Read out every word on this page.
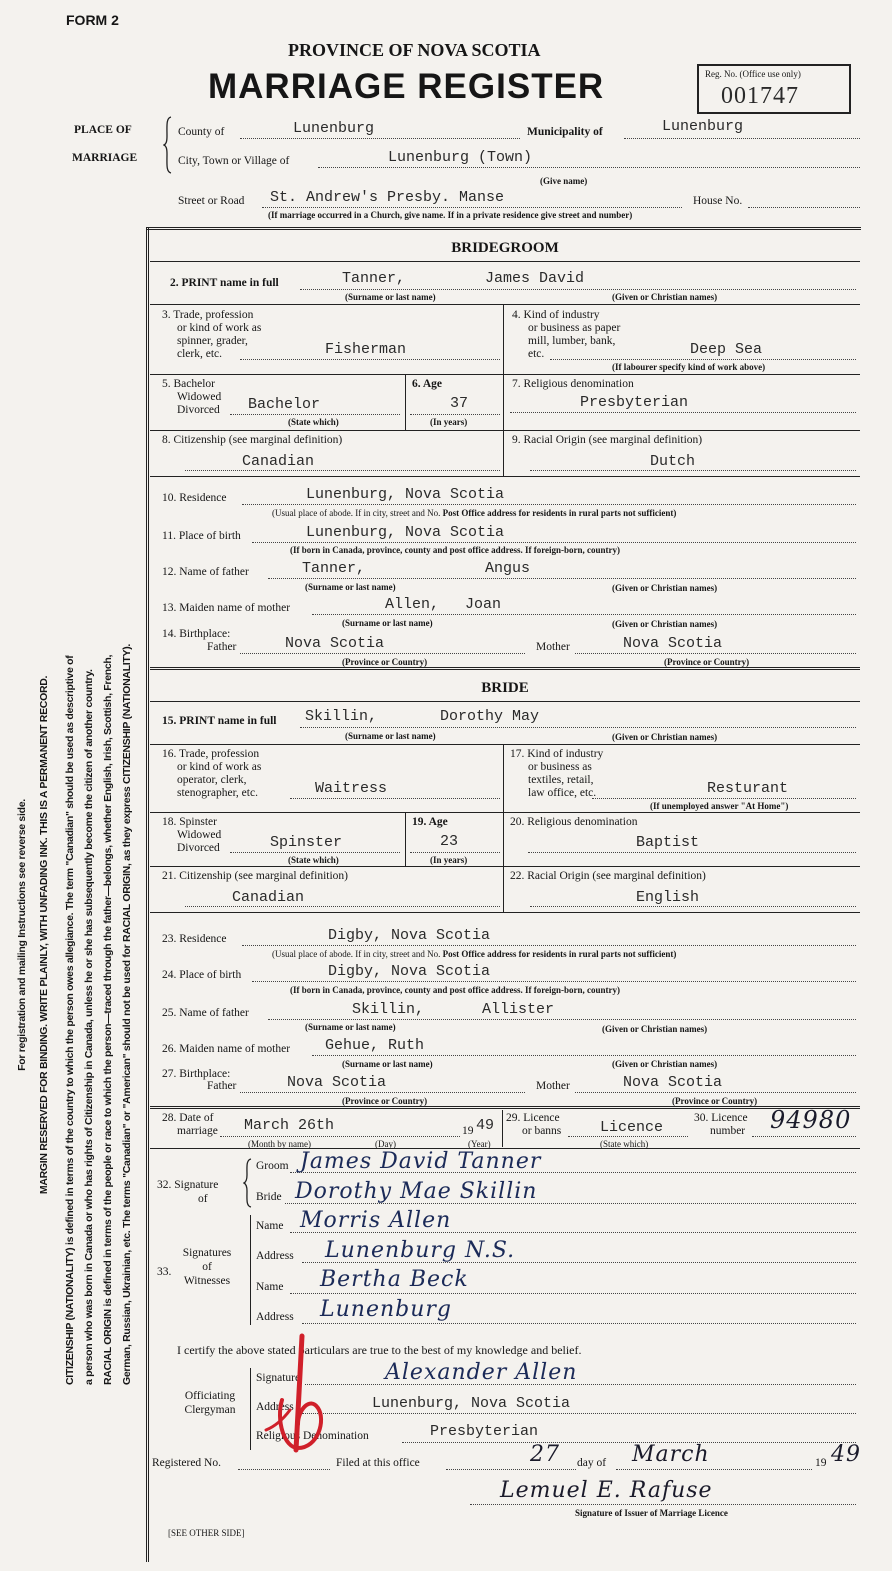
FORM 2
PROVINCE OF NOVA SCOTIA
MARRIAGE REGISTER	Reg. No. (Office use only)
001747
PLACE OF
MARRIAGE
County of	Lunenburg	Municipality of	Lunenburg
City, Town or Village of	Lunenburg (Town)
(Give name)
Street or Road St. Andrew's Presby. Manse	House No.
(If marriage occurred in a Church, give name. If in a private residence give street and number)
BRIDEGROOM
2. PRINT name in full	Tanner,	James David
(Surname or last name)	(Given or Christian names)
3. Trade, profession
or kind of work as
spinner, grader,
clerk, etc.	Fisherman
4. Kind of industry
or business as paper
mill, lumber, bank,
etc.	Deep Sea
(If labourer specify kind of work above)
5. Bachelor
Widowed
Divorced Bachelor
(State which)
6. Age
37
(In years)
7. Religious denomination
Presbyterian
8. Citizenship (see marginal definition)
Canadian
9. Racial Origin (see marginal definition)
Dutch
10. Residence	Lunenburg, Nova Scotia
(Usual place of abode. If in city, street and No. Post Office address for residents in rural parts not sufficient)
11. Place of birth	Lunenburg, Nova Scotia
(If born in Canada, province, county and post office address. If foreign-born, country)
12. Name of father	Tanner,	Angus
(Surname or last name)	(Given or Christian names)
13. Maiden name of mother	Allen, Joan
(Surname or last name)	(Given or Christian names)
14. Birthplace:
Father	Nova Scotia	Mother	Nova Scotia
(Province or Country)	(Province or Country)
BRIDE
15. PRINT name in full Skillin,	Dorothy May
(Surname or last name)	(Given or Christian names)
16. Trade, profession
or kind of work as
operator, clerk,
stenographer, etc.	Waitress
17. Kind of industry
or business as
textiles, retail,
law office, etc.	Resturant
(If unemployed answer "At Home")
18. Spinster
Widowed
Divorced	Spinster
(State which)
19. Age
23
(In years)
20. Religious denomination
Baptist
21. Citizenship (see marginal definition)
Canadian
22. Racial Origin (see marginal definition)
English
23. Residence	Digby, Nova Scotia
(Usual place of abode. If in city, street and No. Post Office address for residents in rural parts not sufficient)
24. Place of birth	Digby, Nova Scotia
(If born in Canada, province, county and post office address. If foreign-born, country)
25. Name of father	Skillin,	Allister
(Surname or last name)	(Given or Christian names)
26. Maiden name of mother Gehue, Ruth
(Surname or last name)	(Given or Christian names)
27. Birthplace:
Father	Nova Scotia	Mother	Nova Scotia
(Province or Country)	(Province or Country)
28. Date of
marriage March 26th	19 49
(Month by name)	(Day)	(Year)
29. Licence
or banns	Licence
(State which)
30. Licence
number 94980
32. Signature
of
Groom James David Tanner
Bride Dorothy Mae Skillin
33.
Signatures
of
Witnesses
Name Morris Allen
Address Lunenburg N.S.
Name Bertha Beck
Address Lunenburg
I certify the above stated particulars are true to the best of my knowledge and belief.
Officiating
Clergyman
Signature	Alexander Allen
Address	Lunenburg, Nova Scotia
Religious Denomination	Presbyterian
Registered No.	Filed at this office	27 day of March	19 49
Lemuel E. Rafuse
Signature of Issuer of Marriage Licence
[SEE OTHER SIDE]
For registration and mailing Instructions see reverse side. MARGIN RESERVED FOR BINDING. WRITE PLAINLY, WITH UNFADING INK. THIS IS A PERMANENT RECORD. CITIZENSHIP (NATIONALITY) is defined in terms of the country to which the person owes allegiance. The term "Canadian" should be used as descriptive of a person who was born in Canada or who has rights of Citizenship in Canada, unless he or she has subsequently become the citizen of another country. RACIAL ORIGIN is defined in terms of the people or race to which the person—traced through the father—belongs, whether English, Irish, Scottish, French, German, Russian, Ukrainian, etc. The terms "Canadian" or "American" should not be used for RACIAL ORIGIN, as they express CITIZENSHIP (NATIONALITY).
